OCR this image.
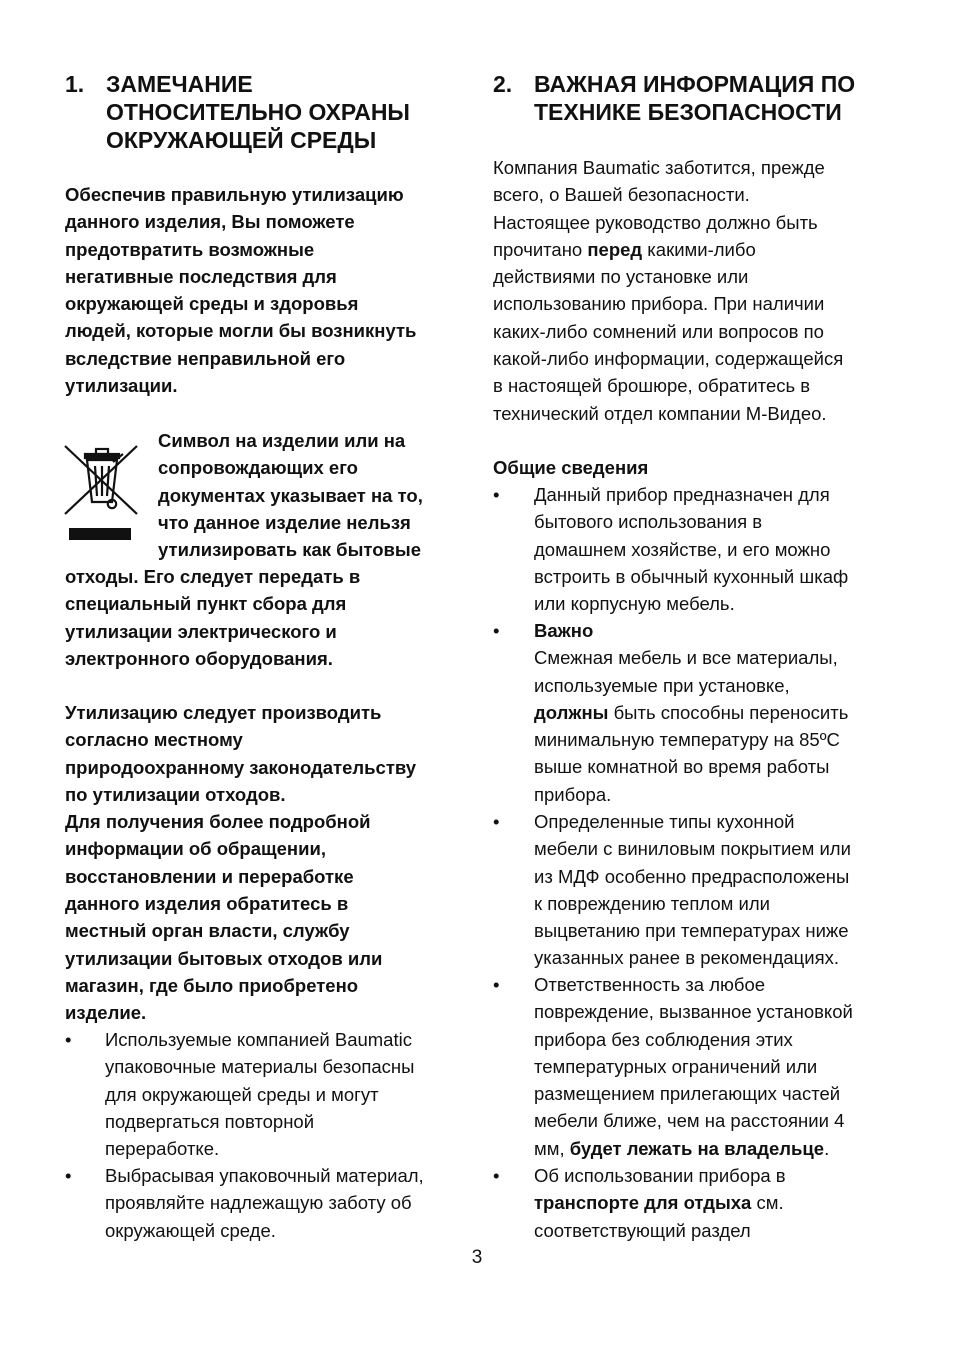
1. ЗАМЕЧАНИЕ
ОТНОСИТЕЛЬНО ОХРАНЫ
ОКРУЖАЮЩЕЙ СРЕДЫ
Обеспечив правильную утилизацию
данного изделия, Вы поможете
предотвратить возможные
негативные последствия для
окружающей среды и здоровья
людей, которые могли бы возникнуть
вследствие неправильной его
утилизации.
Символ на изделии или на
сопровождающих его
документах указывает на то,
что данное изделие нельзя
утилизировать как бытовые
отходы. Его следует передать в
специальный пункт сбора для
утилизации электрического и
электронного оборудования.
Утилизацию следует производить
согласно местному
природоохранному законодательству
по утилизации отходов.
Для получения более подробной
информации об обращении,
восстановлении и переработке
данного изделия обратитесь в
местный орган власти, службу
утилизации бытовых отходов или
магазин, где было приобретено
изделие.
• Используемые компанией Baumatic
упаковочные материалы безопасны
для окружающей среды и могут
подвергаться повторной
переработке.
• Выбрасывая упаковочный материал,
проявляйте надлежащую заботу об
окружающей среде.
2. ВАЖНАЯ ИНФОРМАЦИЯ ПО
ТЕХНИКЕ БЕЗОПАСНОСТИ
Компания Baumatic заботится, прежде
всего, о Вашей безопасности.
Настоящее руководство должно быть
прочитано перед какими-либо
действиями по установке или
использованию прибора. При наличии
каких-либо сомнений или вопросов по
какой-либо информации, содержащейся
в настоящей брошюре, обратитесь в
технический отдел компании М-Видео.
Общие сведения
• Данный прибор предназначен для
бытового использования в
домашнем хозяйстве, и его можно
встроить в обычный кухонный шкаф
или корпусную мебель.
• Важно
Смежная мебель и все материалы,
используемые при установке,
должны быть способны переносить
минимальную температуру на 85ºC
выше комнатной во время работы
прибора.
• Определенные типы кухонной
мебели с виниловым покрытием или
из МДФ особенно предрасположены
к повреждению теплом или
выцветанию при температурах ниже
указанных ранее в рекомендациях.
• Ответственность за любое
повреждение, вызванное установкой
прибора без соблюдения этих
температурных ограничений или
размещением прилегающих частей
мебели ближе, чем на расстоянии 4
мм, будет лежать на владельце.
• Об использовании прибора в
транспорте для отдыха см.
соответствующий раздел
3
